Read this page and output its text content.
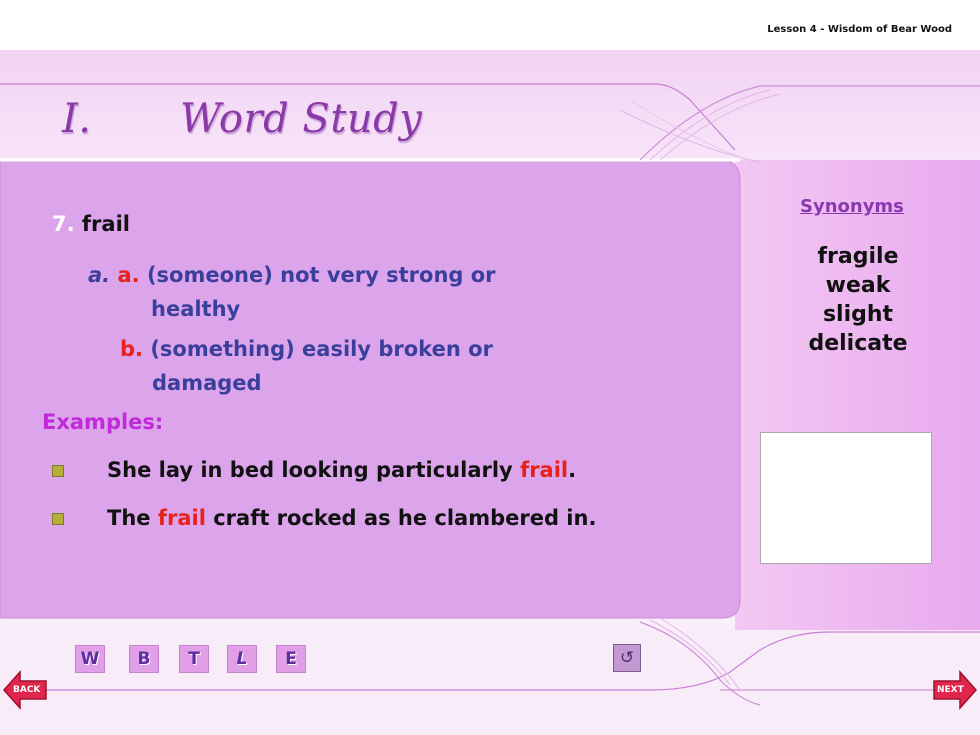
Lesson 4 - Wisdom of Bear Wood
I. Word Study
7. frail
a. a. (someone) not very strong or
healthy
b. (something) easily broken or
damaged
Examples:
She lay in bed looking particularly frail.
The frail craft rocked as he clambered in.
Synonyms
fragile
weak
slight
delicate
W	B	T	L	E	↺
BACK	NEXT
